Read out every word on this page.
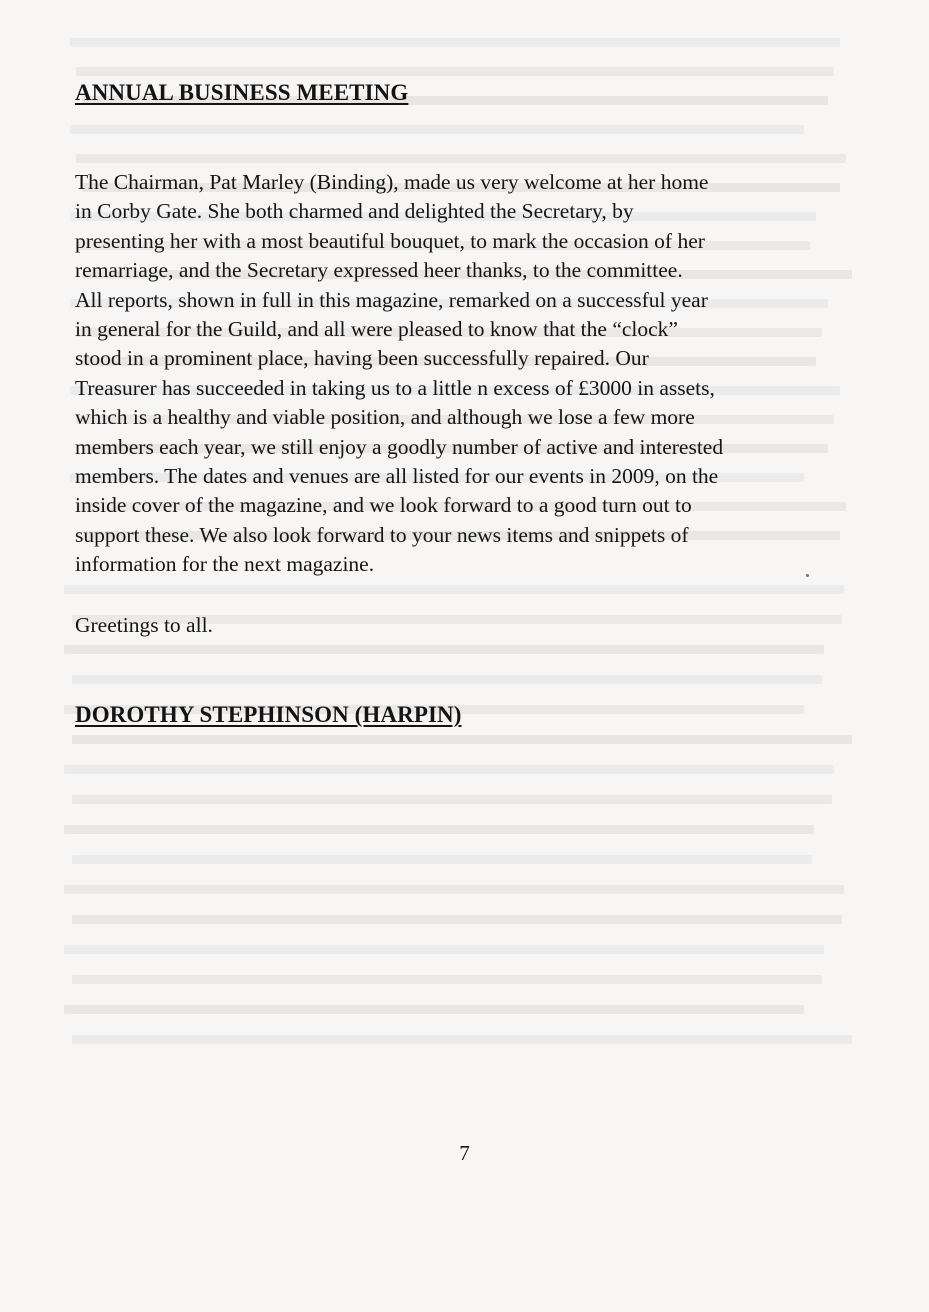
ANNUAL BUSINESS MEETING
The Chairman, Pat Marley (Binding), made us very welcome at her home
in Corby Gate. She both charmed and delighted the Secretary, by
presenting her with a most beautiful bouquet, to mark the occasion of her
remarriage, and the Secretary expressed heer thanks, to the committee.
All reports, shown in full in this magazine, remarked on a successful year
in general for the Guild, and all were pleased to know that the “clock”
stood in a prominent place, having been successfully repaired. Our
Treasurer has succeeded in taking us to a little n excess of £3000 in assets,
which is a healthy and viable position, and although we lose a few more
members each year, we still enjoy a goodly number of active and interested
members. The dates and venues are all listed for our events in 2009, on the
inside cover of the magazine, and we look forward to a good turn out to
support these. We also look forward to your news items and snippets of
information for the next magazine.

Greetings to all.

DOROTHY STEPHINSON (HARPIN)
7
